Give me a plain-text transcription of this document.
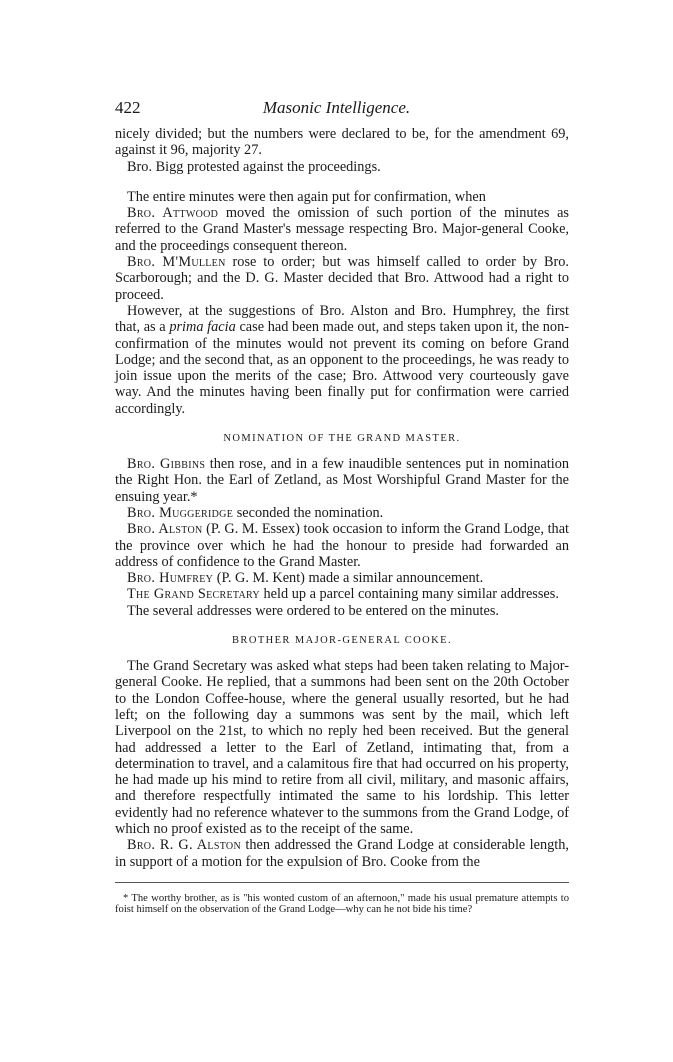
422	Masonic Intelligence.

nicely divided; but the numbers were declared to be, for the amendment 69, against it 96, majority 27.

Bro. Bigg protested against the proceedings.

The entire minutes were then again put for confirmation, when

Bro. Attwood moved the omission of such portion of the minutes as referred to the Grand Master's message respecting Bro. Major-general Cooke, and the proceedings consequent thereon.

Bro. M'Mullen rose to order; but was himself called to order by Bro. Scarborough; and the D. G. Master decided that Bro. Attwood had a right to proceed.

However, at the suggestions of Bro. Alston and Bro. Humphrey, the first that, as a prima facia case had been made out, and steps taken upon it, the non-confirmation of the minutes would not prevent its coming on before Grand Lodge; and the second that, as an opponent to the proceedings, he was ready to join issue upon the merits of the case; Bro. Attwood very courteously gave way. And the minutes having been finally put for confirmation were carried accordingly.

NOMINATION OF THE GRAND MASTER.

Bro. Gibbins then rose, and in a few inaudible sentences put in nomination the Right Hon. the Earl of Zetland, as Most Worshipful Grand Master for the ensuing year.*

Bro. Muggeridge seconded the nomination.

Bro. Alston (P. G. M. Essex) took occasion to inform the Grand Lodge, that the province over which he had the honour to preside had forwarded an address of confidence to the Grand Master.

Bro. Humfrey (P. G. M. Kent) made a similar announcement.

The Grand Secretary held up a parcel containing many similar addresses.

The several addresses were ordered to be entered on the minutes.

BROTHER MAJOR-GENERAL COOKE.

The Grand Secretary was asked what steps had been taken relating to Major-general Cooke. He replied, that a summons had been sent on the 20th October to the London Coffee-house, where the general usually resorted, but he had left; on the following day a summons was sent by the mail, which left Liverpool on the 21st, to which no reply hed been received. But the general had addressed a letter to the Earl of Zetland, intimating that, from a determination to travel, and a calamitous fire that had occurred on his property, he had made up his mind to retire from all civil, military, and masonic affairs, and therefore respectfully intimated the same to his lordship. This letter evidently had no reference whatever to the summons from the Grand Lodge, of which no proof existed as to the receipt of the same.

Bro. R. G. Alston then addressed the Grand Lodge at considerable length, in support of a motion for the expulsion of Bro. Cooke from the

* The worthy brother, as is "his wonted custom of an afternoon," made his usual premature attempts to foist himself on the observation of the Grand Lodge—why can he not bide his time?
